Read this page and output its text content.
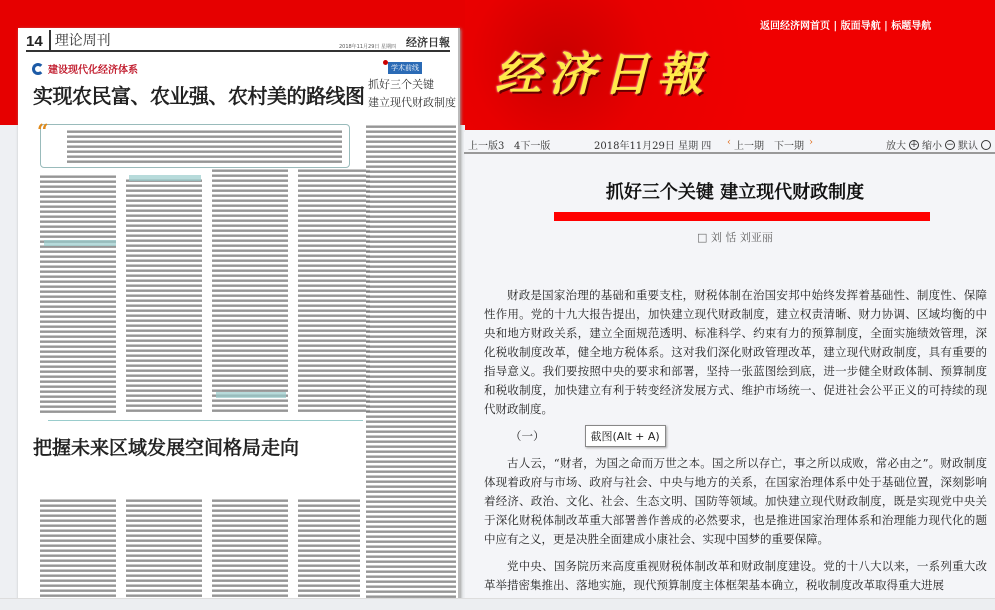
14 理论周刊	2018年11月29日 星期四 经济日報
建设现代化经济体系
实现农民富、农业强、农村美的路线图
学术前线
抓好三个关键
建立现代财政制度
“
把握未来区域发展空间格局走向
返回经济网首页 | 版面导航 | 标题导航
经济日報
上一版3 4下一版	2018年11月29日 星期 四 ‹ 上一期 下一期 ›	放大 + 缩小 − 默认
抓好三个关键 建立现代财政制度
□ 刘 恬 刘亚丽

财政是国家治理的基础和重要支柱，财税体制在治国安邦中始终发挥着基础性、制度性、保障性作用。党的十九大报告提出，加快建立现代财政制度，建立权责清晰、财力协调、区域均衡的中央和地方财政关系，建立全面规范透明、标准科学、约束有力的预算制度，全面实施绩效管理，深化税收制度改革，健全地方税体系。这对我们深化财政管理改革，建立现代财政制度，具有重要的指导意义。我们要按照中央的要求和部署，坚持一张蓝图绘到底，进一步健全财政体制、预算制度和税收制度，加快建立有利于转变经济发展方式、维护市场统一、促进社会公平正义的可持续的现代财政制度。

（一）

古人云，“财者，为国之命而万世之本。国之所以存亡，事之所以成败，常必由之”。财政制度体现着政府与市场、政府与社会、中央与地方的关系，在国家治理体系中处于基础位置，深刻影响着经济、政治、文化、社会、生态文明、国防等领域。加快建立现代财政制度，既是实现党中央关于深化财税体制改革重大部署善作善成的必然要求，也是推进国家治理体系和治理能力现代化的题中应有之义，更是决胜全面建成小康社会、实现中国梦的重要保障。

党中央、国务院历来高度重视财税体制改革和财政制度建设。党的十八大以来，一系列重大改革举措密集推出、落地实施，现代预算制度主体框架基本确立，税收制度改革取得重大进展

截图(Alt + A)
